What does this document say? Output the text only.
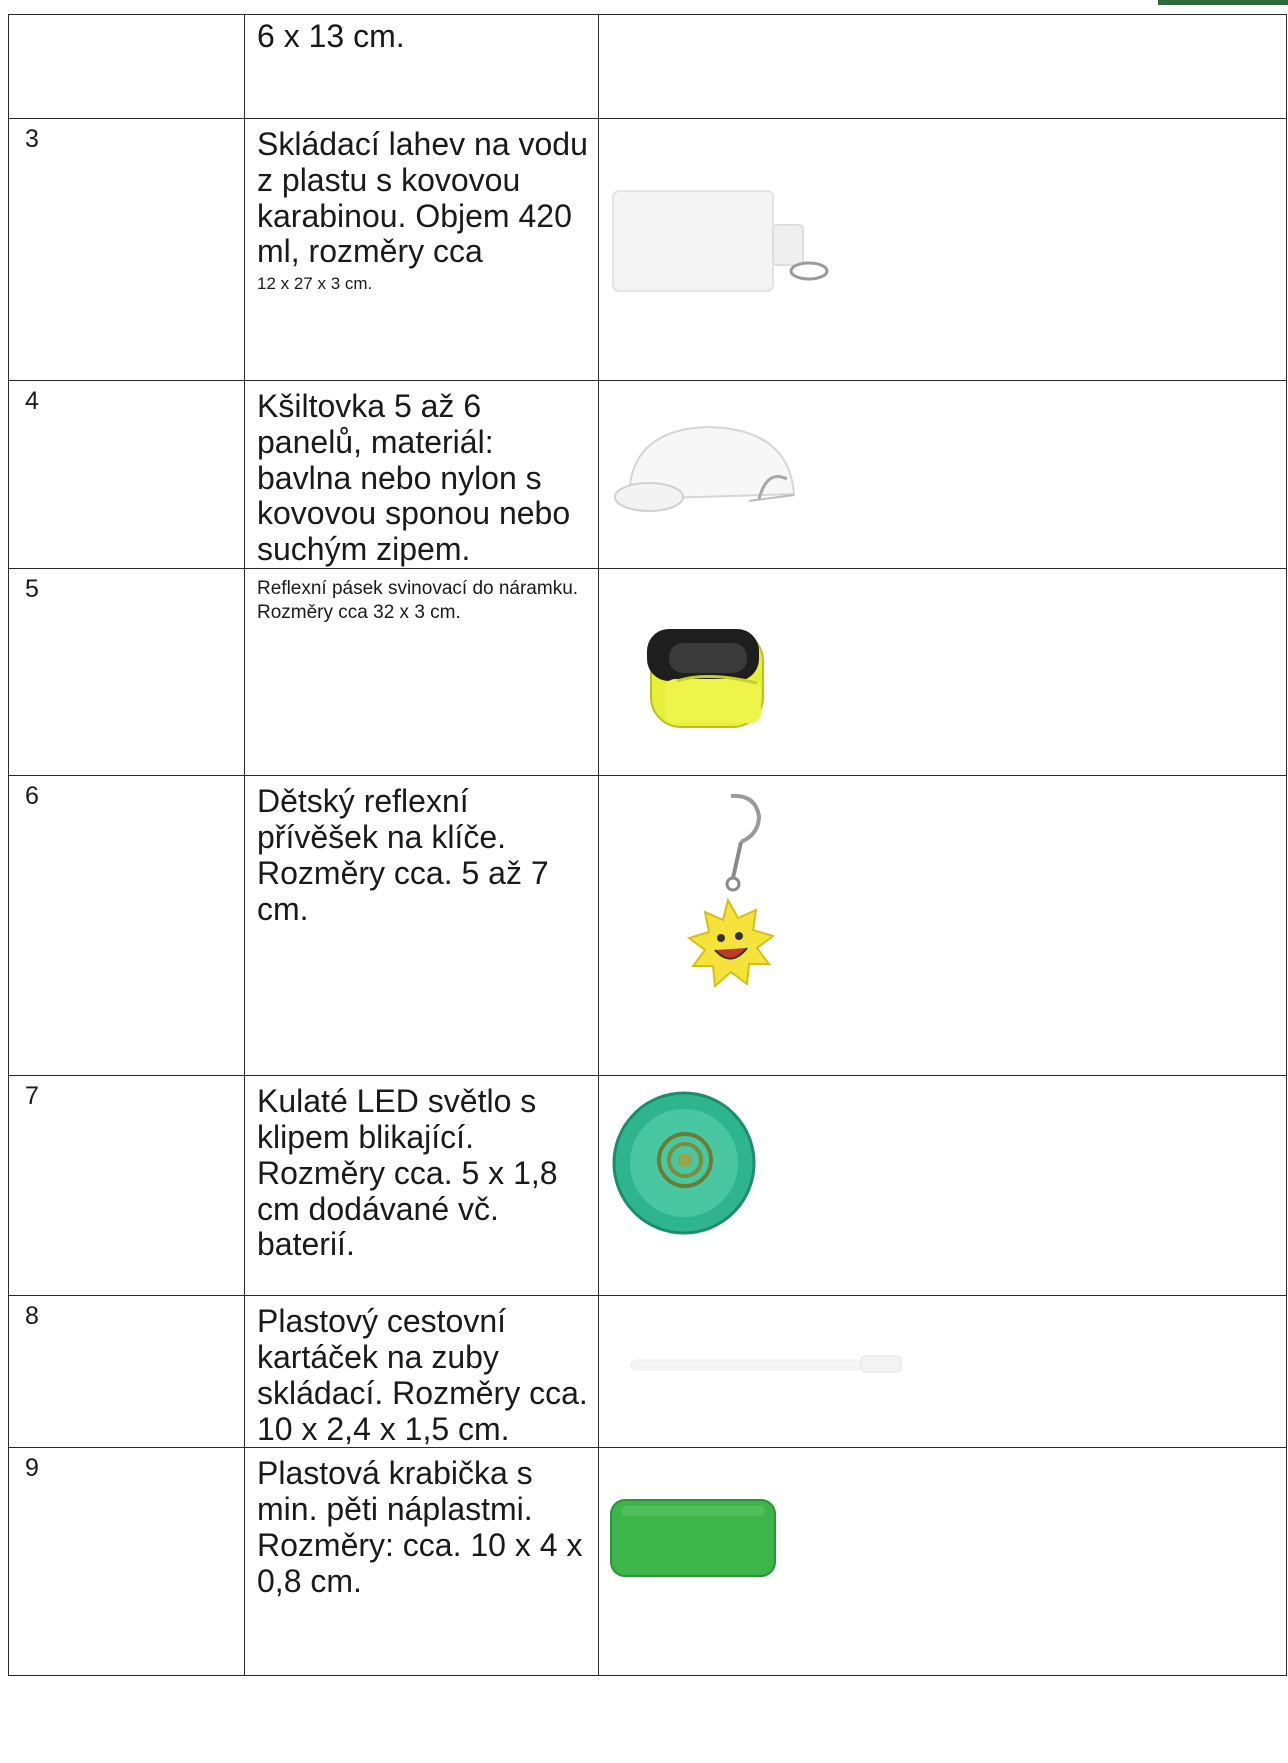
	6 x 13 cm.	

3	Skládací lahev na vodu z plastu s kovovou karabinou. Objem 420 ml, rozměry cca
12 x 27 x 3 cm.

4	Kšiltovka 5 až 6 panelů, materiál: bavlna nebo nylon s kovovou sponou nebo suchým zipem.

5	Reflexní pásek svinovací do náramku. Rozměry cca 32 x 3 cm.

6	Dětský reflexní přívěšek na klíče. Rozměry cca. 5 až 7 cm.

7	Kulaté LED světlo s klipem blikající. Rozměry cca. 5 x 1,8 cm dodávané vč. baterií.

8	Plastový cestovní kartáček na zuby skládací. Rozměry cca. 10 x 2,4 x 1,5 cm.

9	Plastová krabička s min. pěti náplastmi. Rozměry: cca. 10 x 4 x 0,8 cm.
